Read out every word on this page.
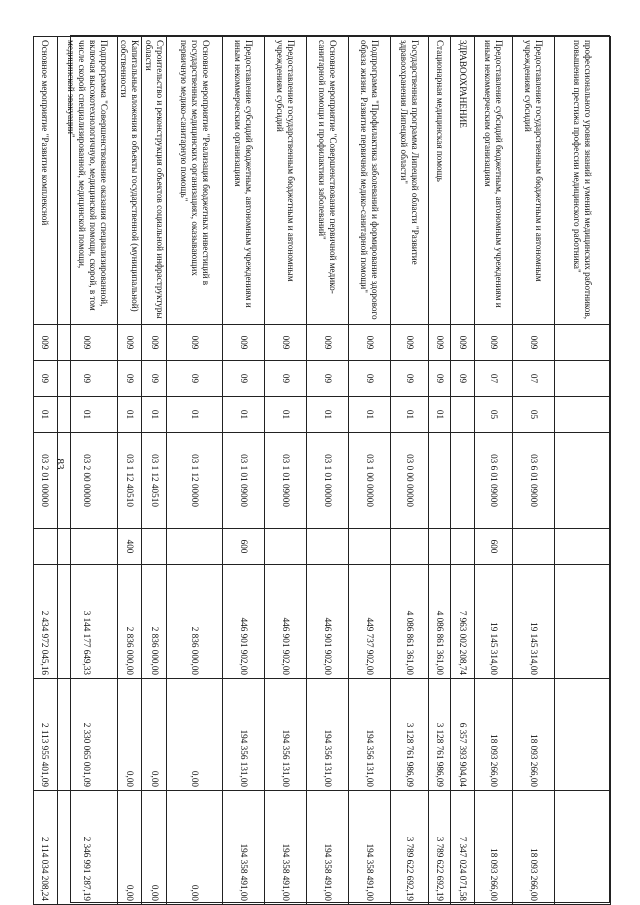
83
профессионального уровня знаний и умений медицинских работников, повышения престижа профессии медицинского работника"								
Предоставление государственным бюджетным и автономным учреждениям субсидий	009	07	05	03 6 01 09000		19 145 314,00	18 093 266,00	18 093 266,00
Предоставление субсидий бюджетным, автономным учреждениям и иным некоммерческим организациям	009	07	05	03 6 01 09000	600	19 145 314,00	18 093 266,00	18 093 266,00
ЗДРАВООХРАНЕНИЕ	009	09				7 963 002 208,74	6 357 393 904,04	7 347 024 071,58
Стационарная медицинская помощь	009	09	01			4 086 861 361,00	3 128 761 986,09	3 789 622 692,19
Государственная программа Липецкой области "Развитие здравоохранения Липецкой области"	009	09	01	03 0 00 00000		4 086 861 361,00	3 128 761 986,09	3 789 622 692,19
Подпрограмма "Профилактика заболеваний и формирование здорового образа жизни. Развитие первичной медико-санитарной помощи"	009	09	01	03 1 00 00000		449 737 902,00	194 356 131,00	194 358 491,00
Основное мероприятие "Совершенствование первичной медико-санитарной помощи и профилактики заболеваний"	009	09	01	03 1 01 00000		446 901 902,00	194 356 131,00	194 358 491,00
Предоставление государственным бюджетным и автономным учреждениям субсидий	009	09	01	03 1 01 09000		446 901 902,00	194 356 131,00	194 358 491,00
Предоставление субсидий бюджетным, автономным учреждениям и иным некоммерческим организациям	009	09	01	03 1 01 09000	600	446 901 902,00	194 356 131,00	194 358 491,00
Основное мероприятие "Реализация бюджетных инвестиций в государственных медицинских организациях, оказывающих первичную медико-санитарную помощь"	009	09	01	03 1 12 00000		2 836 000,00	0,00	0,00
Строительство и реконструкция объектов социальной инфраструктуры области	009	09	01	03 1 12 40510		2 836 000,00	0,00	0,00
Капитальные вложения в объекты государственной (муниципальной) собственности	009	09	01	03 1 12 40510	400	2 836 000,00	0,00	0,00
Подпрограмма "Совершенствование оказания специализированной, включая высокотехнологичную, медицинской помощи, скорой, в том числе скорой специализированной, медицинской помощи, медицинской эвакуации"	009	09	01	03 2 00 00000		3 144 177 649,33	2 330 065 001,09	2 346 991 287,19
Основное мероприятие "Развитие комплексной	009	09	01	03 2 01 00000		2 434 972 045,16	2 113 955 401,09	2 114 034 208,24
